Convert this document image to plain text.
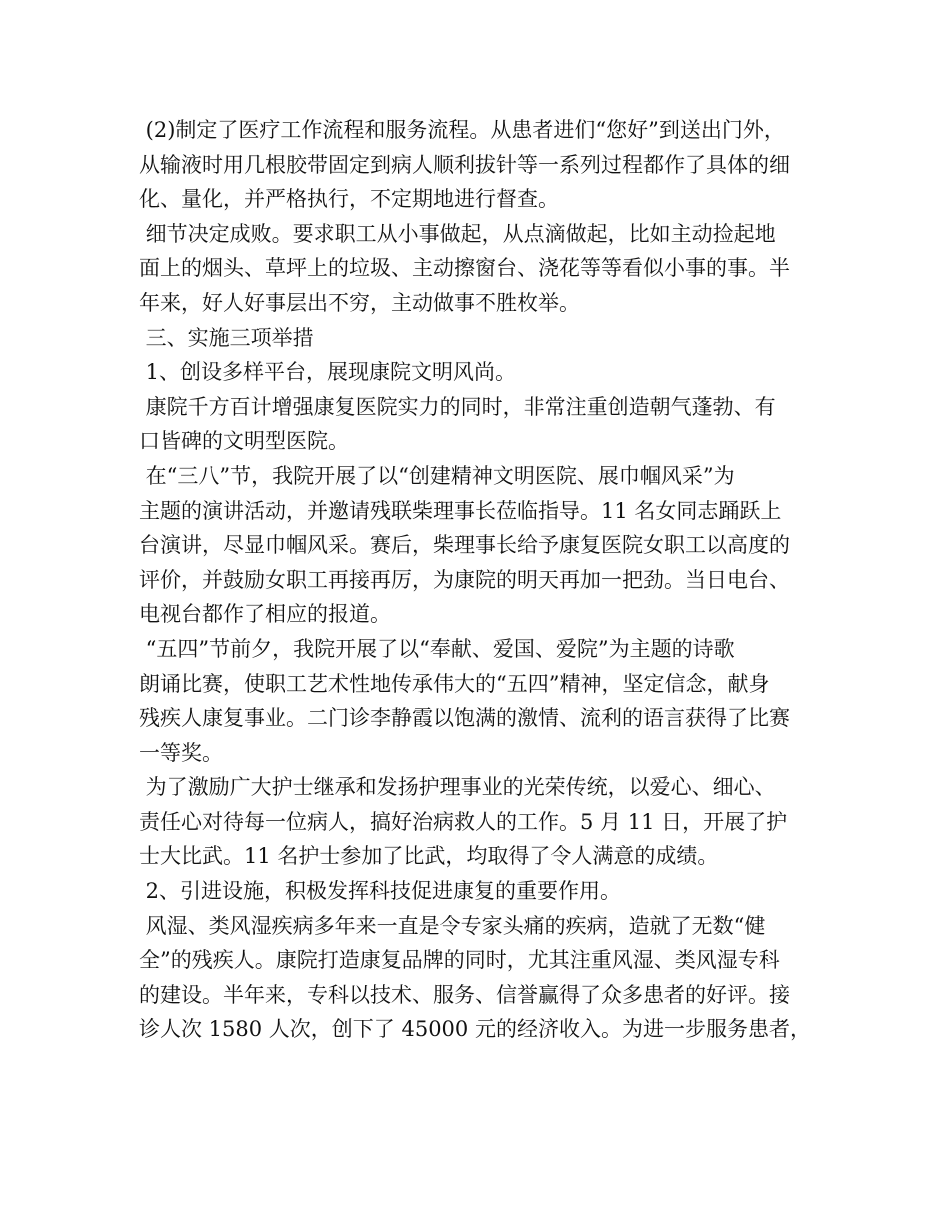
(2)制定了医疗工作流程和服务流程。从患者进们“您好”到送出门外，
从输液时用几根胶带固定到病人顺利拔针等一系列过程都作了具体的细
化、量化，并严格执行，不定期地进行督查。
细节决定成败。要求职工从小事做起，从点滴做起，比如主动捡起地
面上的烟头、草坪上的垃圾、主动擦窗台、浇花等等看似小事的事。半
年来，好人好事层出不穷，主动做事不胜枚举。
三、实施三项举措
1、创设多样平台，展现康院文明风尚。
康院千方百计增强康复医院实力的同时，非常注重创造朝气蓬勃、有
口皆碑的文明型医院。
在“三八”节，我院开展了以“创建精神文明医院、展巾帼风采”为
主题的演讲活动，并邀请残联柴理事长莅临指导。11 名女同志踊跃上
台演讲，尽显巾帼风采。赛后，柴理事长给予康复医院女职工以高度的
评价，并鼓励女职工再接再厉，为康院的明天再加一把劲。当日电台、
电视台都作了相应的报道。
“五四”节前夕，我院开展了以“奉献、爱国、爱院”为主题的诗歌
朗诵比赛，使职工艺术性地传承伟大的“五四”精神，坚定信念，献身
残疾人康复事业。二门诊李静霞以饱满的激情、流利的语言获得了比赛
一等奖。
为了激励广大护士继承和发扬护理事业的光荣传统，以爱心、细心、
责任心对待每一位病人，搞好治病救人的工作。5 月 11 日，开展了护
士大比武。11 名护士参加了比武，均取得了令人满意的成绩。
2、引进设施，积极发挥科技促进康复的重要作用。
风湿、类风湿疾病多年来一直是令专家头痛的疾病，造就了无数“健
全”的残疾人。康院打造康复品牌的同时，尤其注重风湿、类风湿专科
的建设。半年来，专科以技术、服务、信誉赢得了众多患者的好评。接
诊人次 1580 人次，创下了 45000 元的经济收入。为进一步服务患者，
